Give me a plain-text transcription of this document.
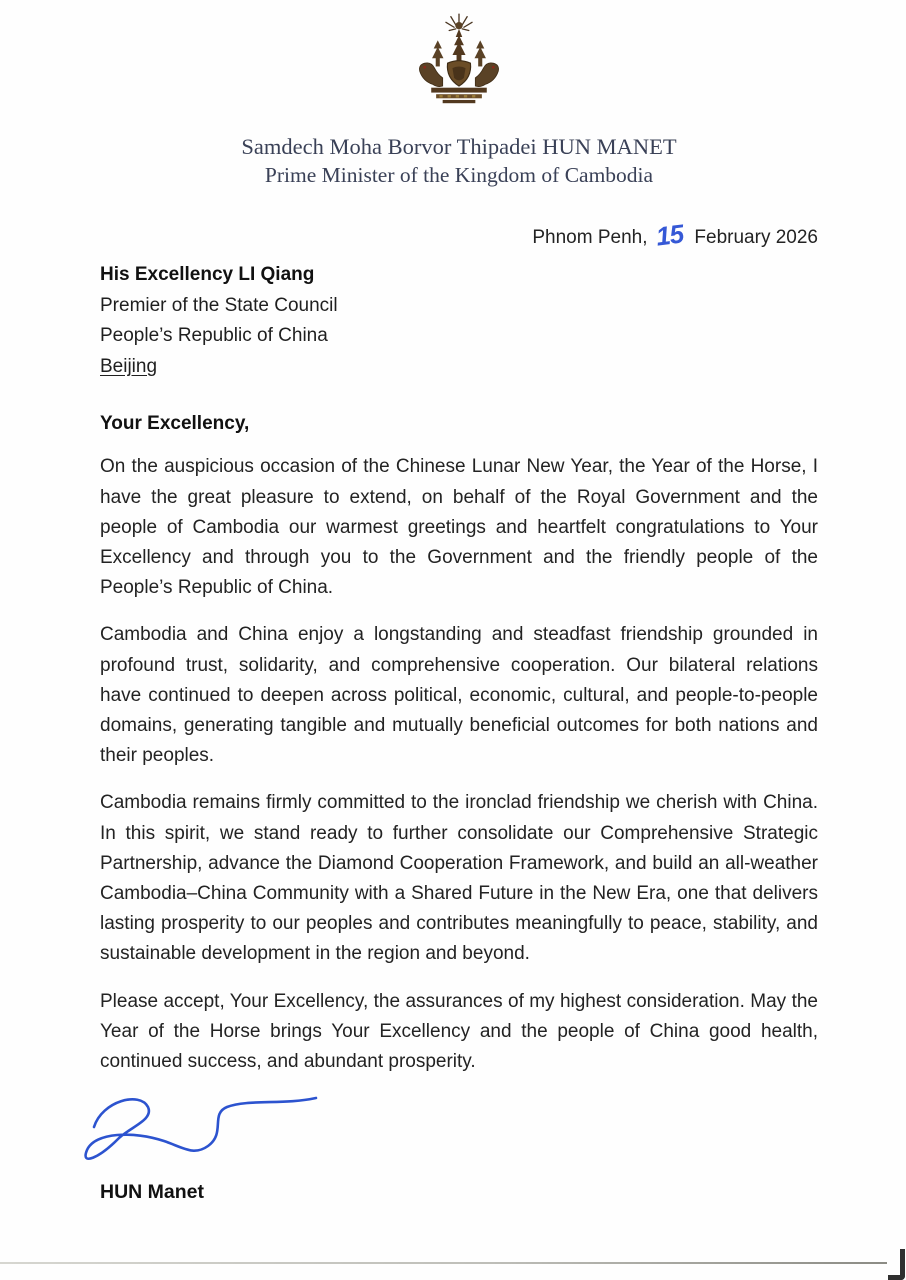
Samdech Moha Borvor Thipadei HUN MANET
Prime Minister of the Kingdom of Cambodia
Phnom Penh, 15 February 2026
His Excellency LI Qiang
Premier of the State Council
People’s Republic of China
Beijing
Your Excellency,

On the auspicious occasion of the Chinese Lunar New Year, the Year of the Horse, I have the great pleasure to extend, on behalf of the Royal Government and the people of Cambodia our warmest greetings and heartfelt congratulations to Your Excellency and through you to the Government and the friendly people of the People’s Republic of China.

Cambodia and China enjoy a longstanding and steadfast friendship grounded in profound trust, solidarity, and comprehensive cooperation. Our bilateral relations have continued to deepen across political, economic, cultural, and people-to-people domains, generating tangible and mutually beneficial outcomes for both nations and their peoples.

Cambodia remains firmly committed to the ironclad friendship we cherish with China. In this spirit, we stand ready to further consolidate our Comprehensive Strategic Partnership, advance the Diamond Cooperation Framework, and build an all-weather Cambodia–China Community with a Shared Future in the New Era, one that delivers lasting prosperity to our peoples and contributes meaningfully to peace, stability, and sustainable development in the region and beyond.

Please accept, Your Excellency, the assurances of my highest consideration. May the Year of the Horse brings Your Excellency and the people of China good health, continued success, and abundant prosperity.

HUN Manet
